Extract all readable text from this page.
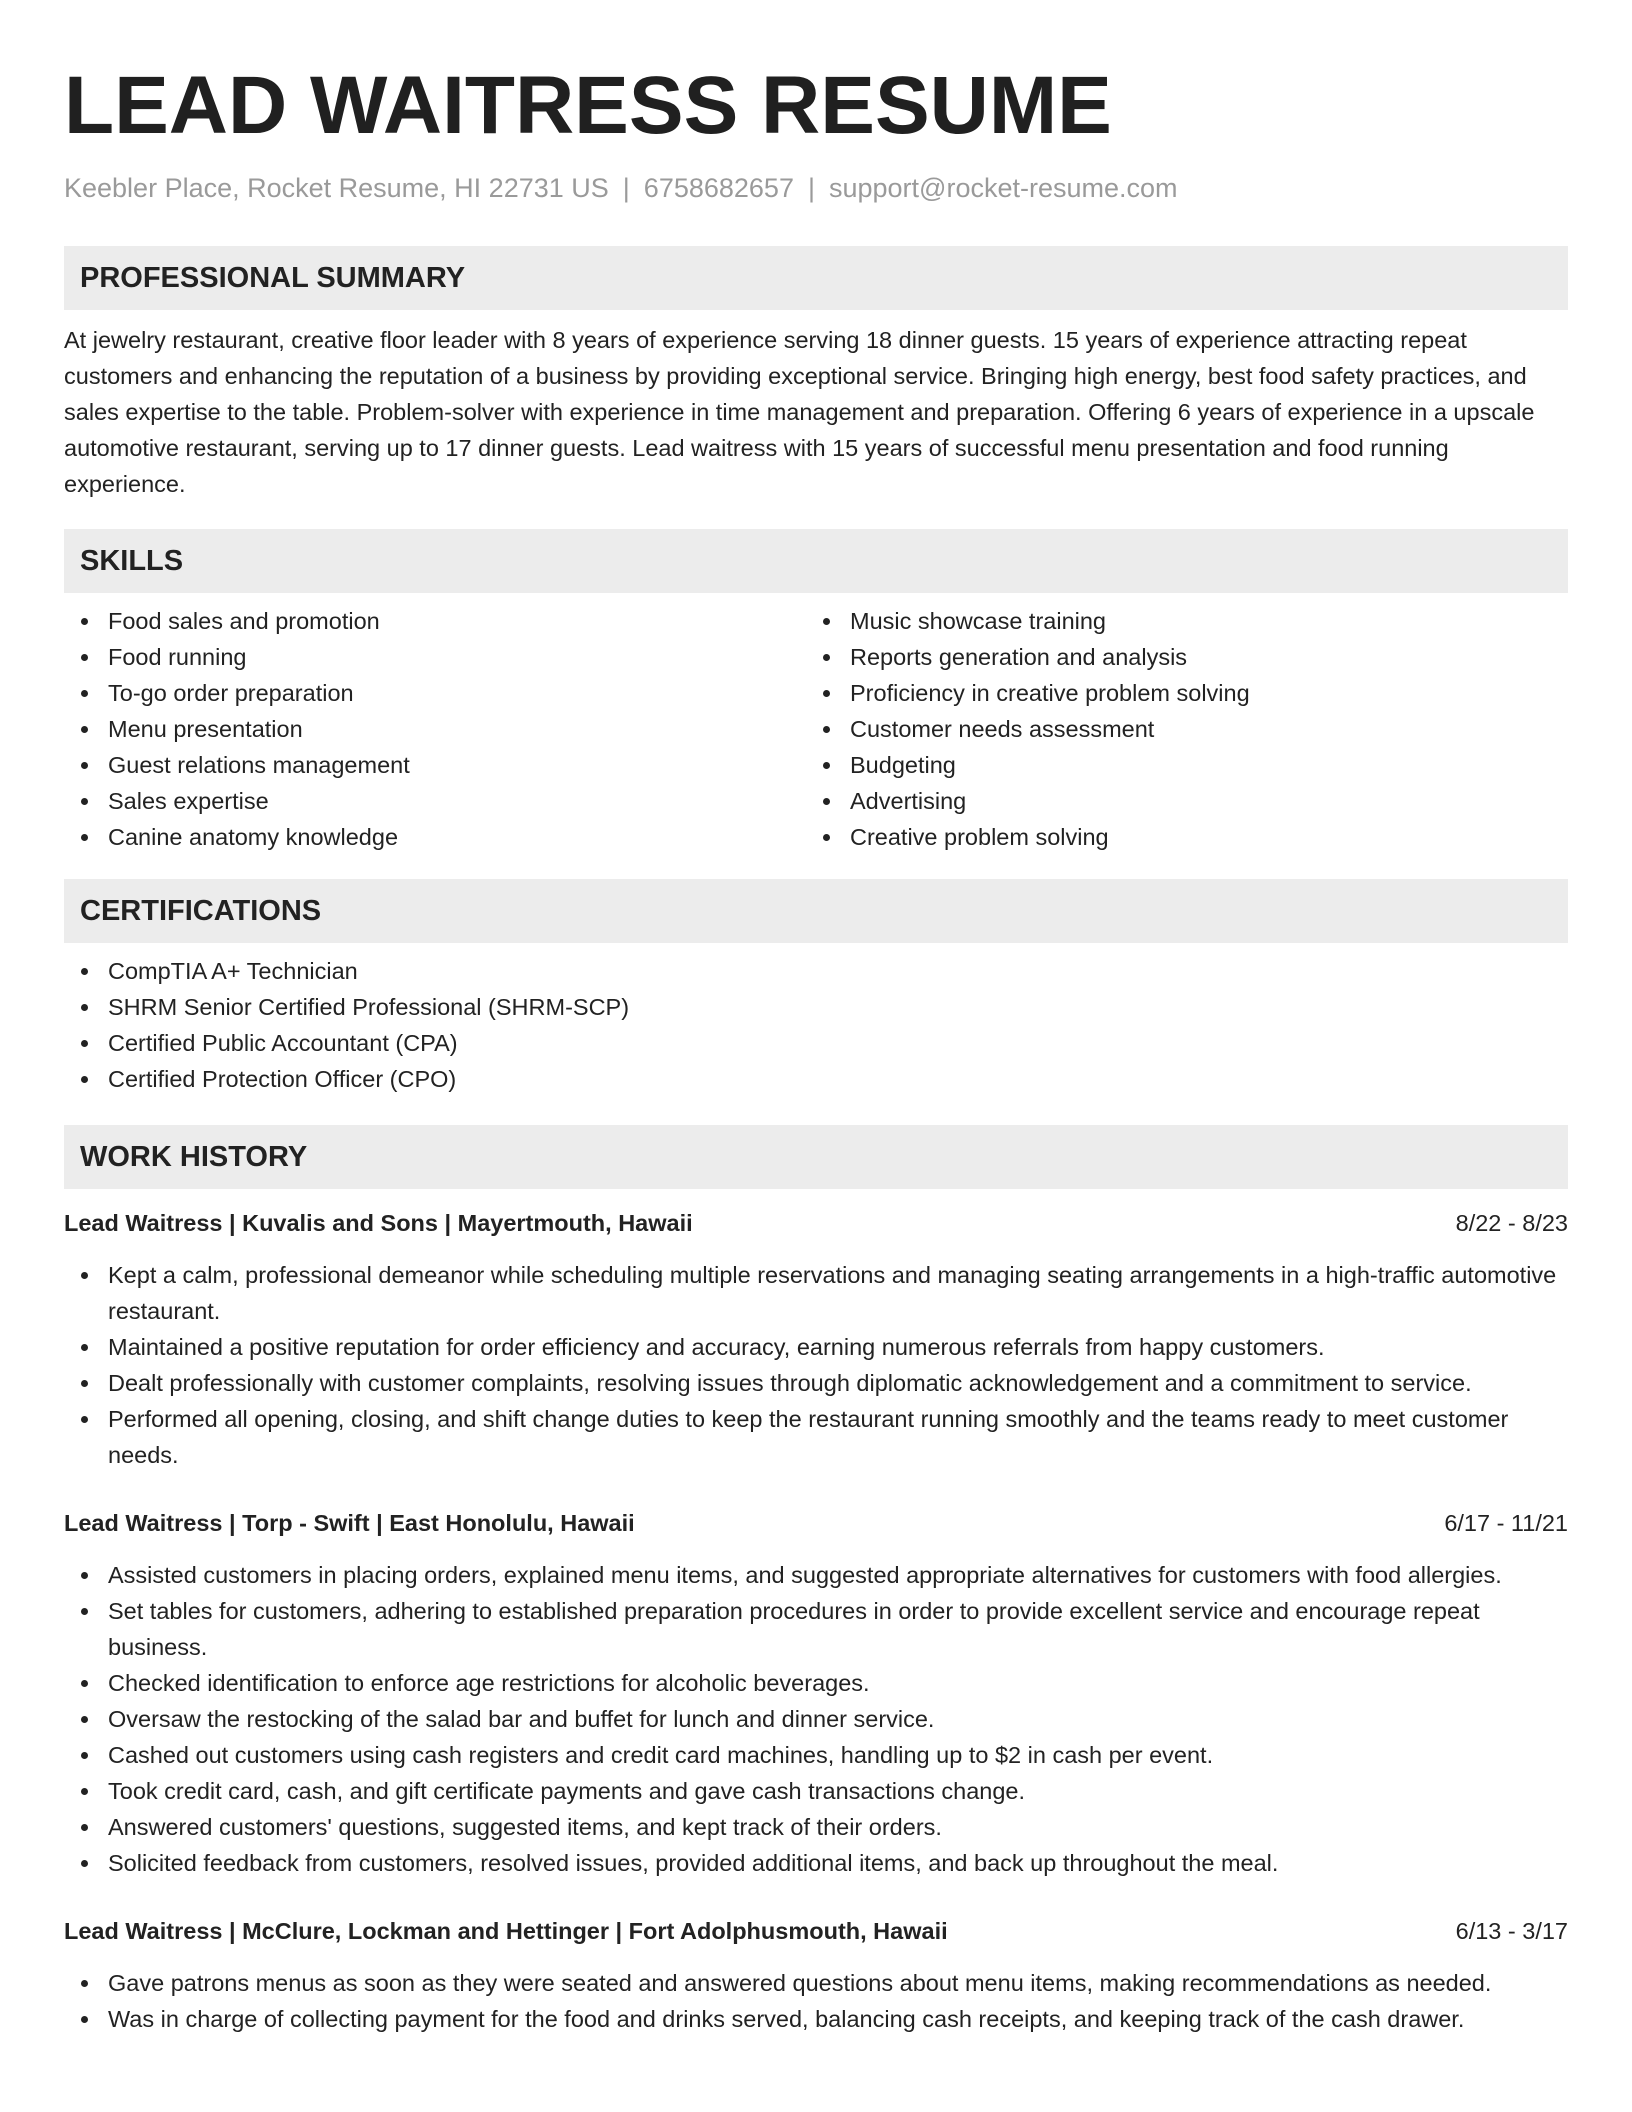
LEAD WAITRESS RESUME
Keebler Place, Rocket Resume, HI 22731 US | 6758682657 | support@rocket-resume.com
PROFESSIONAL SUMMARY

At jewelry restaurant, creative floor leader with 8 years of experience serving 18 dinner guests. 15 years of experience attracting repeat customers and enhancing the reputation of a business by providing exceptional service. Bringing high energy, best food safety practices, and sales expertise to the table. Problem-solver with experience in time management and preparation. Offering 6 years of experience in a upscale automotive restaurant, serving up to 17 dinner guests. Lead waitress with 15 years of successful menu presentation and food running experience.

SKILLS
Food sales and promotion
Food running
To-go order preparation
Menu presentation
Guest relations management
Sales expertise
Canine anatomy knowledge
Music showcase training
Reports generation and analysis
Proficiency in creative problem solving
Customer needs assessment
Budgeting
Advertising
Creative problem solving
CERTIFICATIONS
CompTIA A+ Technician
SHRM Senior Certified Professional (SHRM-SCP)
Certified Public Accountant (CPA)
Certified Protection Officer (CPO)
WORK HISTORY
Lead Waitress | Kuvalis and Sons | Mayertmouth, Hawaii	8/22 - 8/23
Kept a calm, professional demeanor while scheduling multiple reservations and managing seating arrangements in a high-traffic automotive restaurant.
Maintained a positive reputation for order efficiency and accuracy, earning numerous referrals from happy customers.
Dealt professionally with customer complaints, resolving issues through diplomatic acknowledgement and a commitment to service.
Performed all opening, closing, and shift change duties to keep the restaurant running smoothly and the teams ready to meet customer needs.
Lead Waitress | Torp - Swift | East Honolulu, Hawaii	6/17 - 11/21
Assisted customers in placing orders, explained menu items, and suggested appropriate alternatives for customers with food allergies.
Set tables for customers, adhering to established preparation procedures in order to provide excellent service and encourage repeat business.
Checked identification to enforce age restrictions for alcoholic beverages.
Oversaw the restocking of the salad bar and buffet for lunch and dinner service.
Cashed out customers using cash registers and credit card machines, handling up to $2 in cash per event.
Took credit card, cash, and gift certificate payments and gave cash transactions change.
Answered customers' questions, suggested items, and kept track of their orders.
Solicited feedback from customers, resolved issues, provided additional items, and back up throughout the meal.
Lead Waitress | McClure, Lockman and Hettinger | Fort Adolphusmouth, Hawaii	6/13 - 3/17
Gave patrons menus as soon as they were seated and answered questions about menu items, making recommendations as needed.
Was in charge of collecting payment for the food and drinks served, balancing cash receipts, and keeping track of the cash drawer.
